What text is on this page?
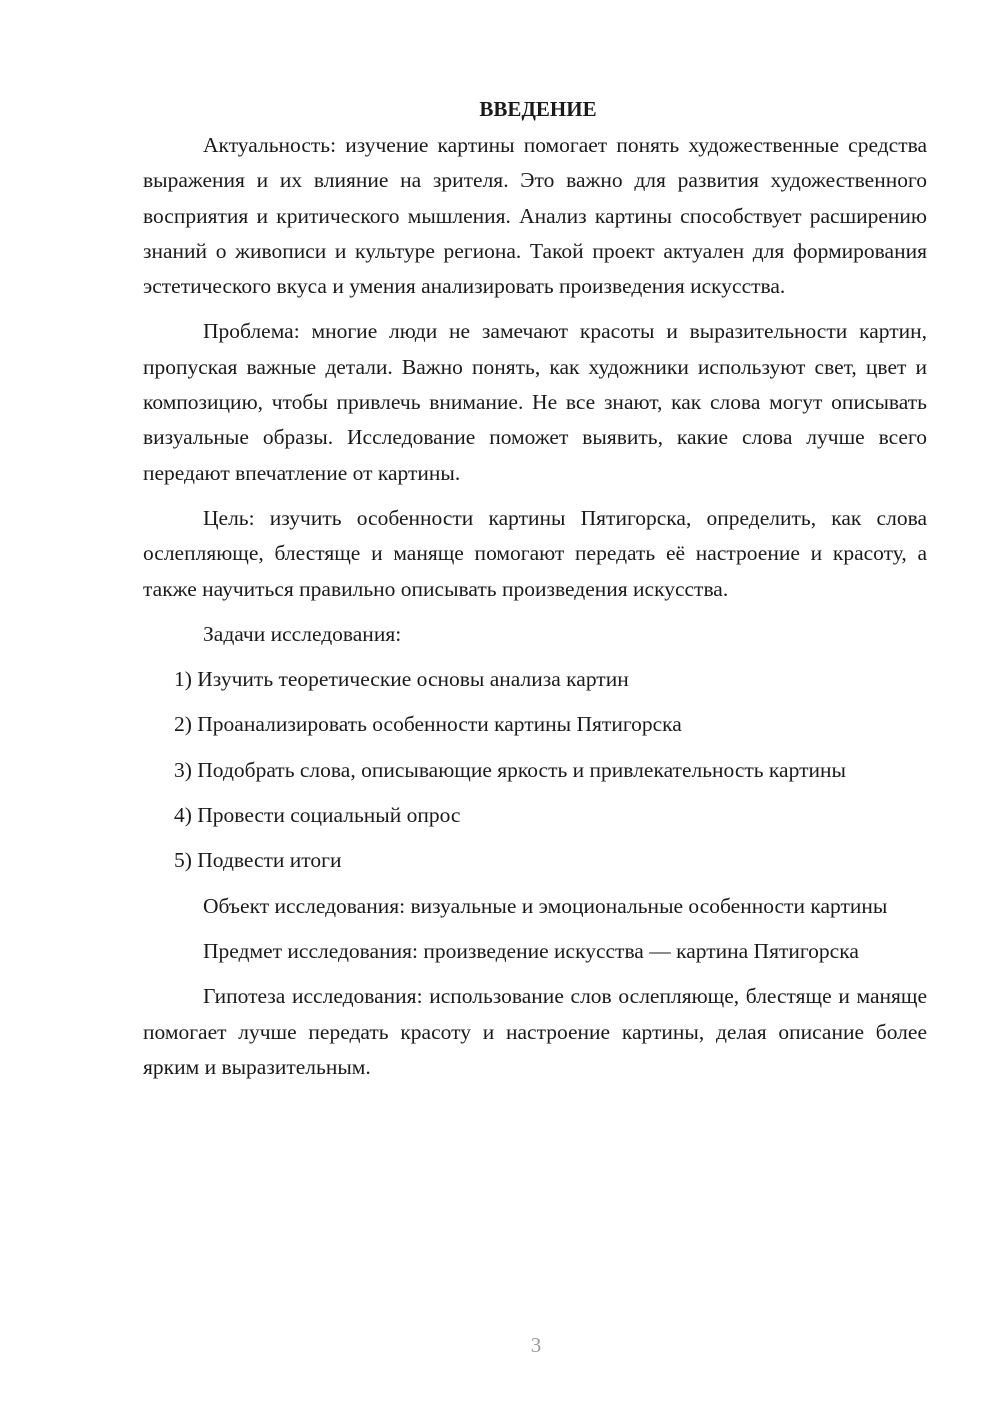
ВВЕДЕНИЕ

Актуальность: изучение картины помогает понять художественные средства выражения и их влияние на зрителя. Это важно для развития художественного восприятия и критического мышления. Анализ картины способствует расширению знаний о живописи и культуре региона. Такой проект актуален для формирования эстетического вкуса и умения анализировать произведения искусства.

Проблема: многие люди не замечают красоты и выразительности картин, пропуская важные детали. Важно понять, как художники используют свет, цвет и композицию, чтобы привлечь внимание. Не все знают, как слова могут описывать визуальные образы. Исследование поможет выявить, какие слова лучше всего передают впечатление от картины.

Цель: изучить особенности картины Пятигорска, определить, как слова ослепляюще, блестяще и маняще помогают передать её настроение и красоту, а также научиться правильно описывать произведения искусства.

Задачи исследования:

1) Изучить теоретические основы анализа картин

2) Проанализировать особенности картины Пятигорска

3) Подобрать слова, описывающие яркость и привлекательность картины

4) Провести социальный опрос

5) Подвести итоги

Объект исследования: визуальные и эмоциональные особенности картины

Предмет исследования: произведение искусства — картина Пятигорска

Гипотеза исследования: использование слов ослепляюще, блестяще и маняще помогает лучше передать красоту и настроение картины, делая описание более ярким и выразительным.

3
